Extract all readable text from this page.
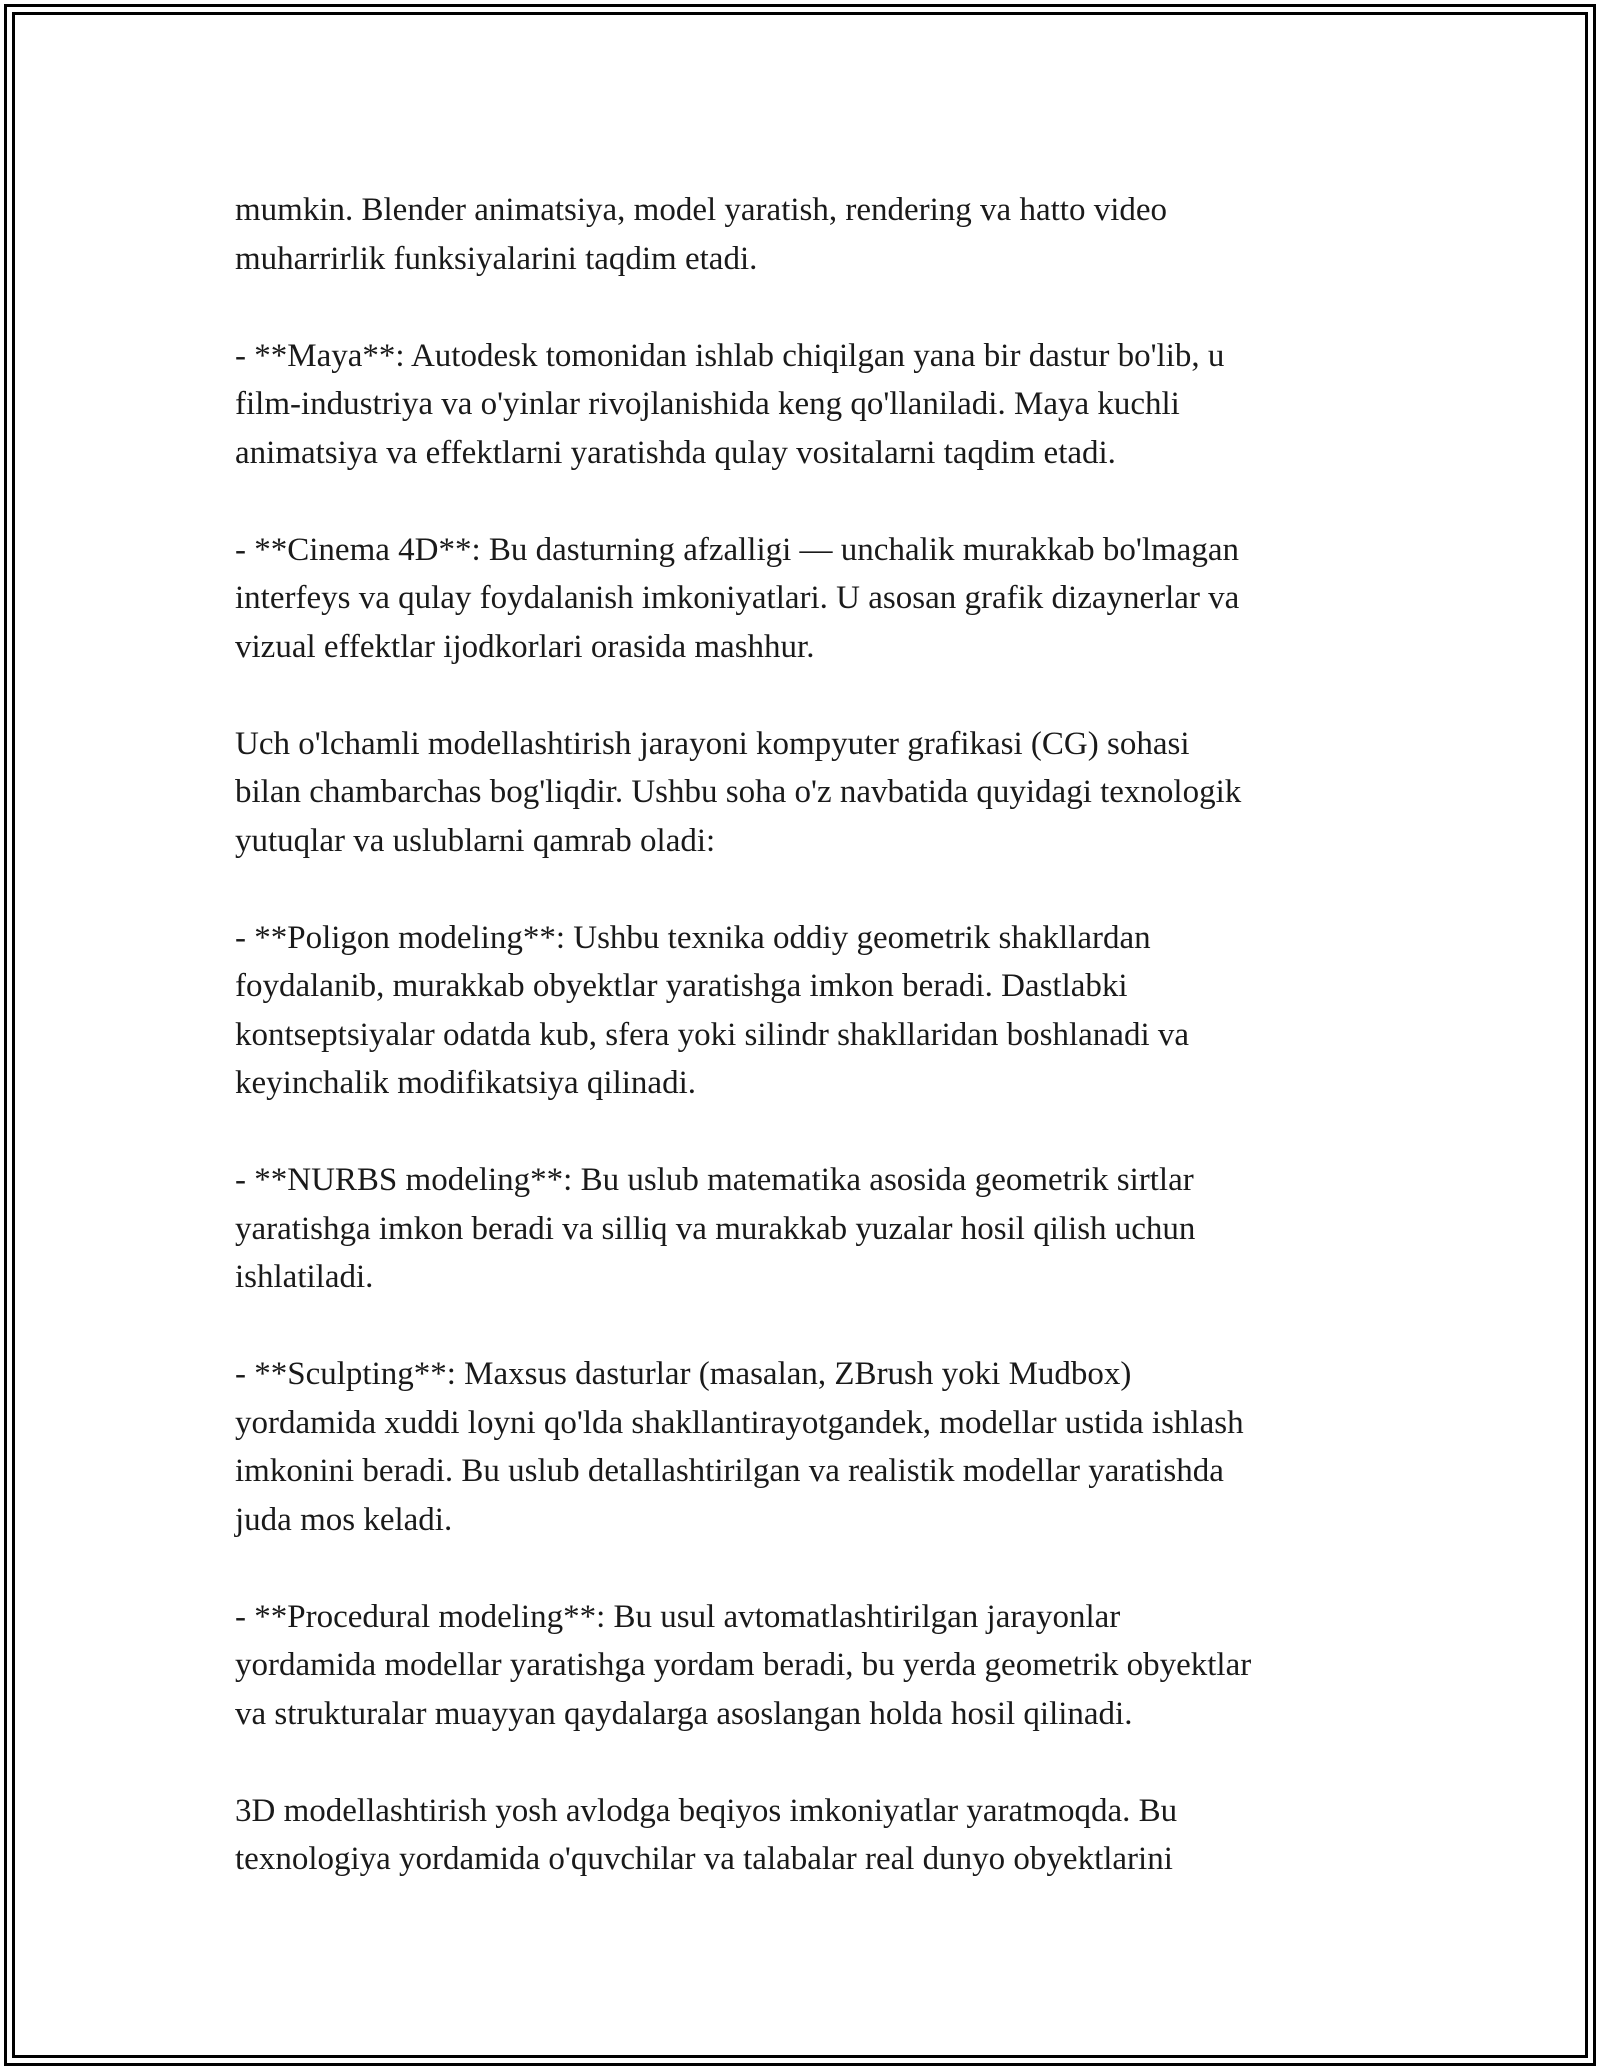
mumkin. Blender animatsiya, model yaratish, rendering va hatto video
muharrirlik funksiyalarini taqdim etadi.

- **Maya**: Autodesk tomonidan ishlab chiqilgan yana bir dastur bo'lib, u
film-industriya va o'yinlar rivojlanishida keng qo'llaniladi. Maya kuchli
animatsiya va effektlarni yaratishda qulay vositalarni taqdim etadi.

- **Cinema 4D**: Bu dasturning afzalligi — unchalik murakkab bo'lmagan
interfeys va qulay foydalanish imkoniyatlari. U asosan grafik dizaynerlar va
vizual effektlar ijodkorlari orasida mashhur.

Uch o'lchamli modellashtirish jarayoni kompyuter grafikasi (CG) sohasi
bilan chambarchas bog'liqdir. Ushbu soha o'z navbatida quyidagi texnologik
yutuqlar va uslublarni qamrab oladi:

- **Poligon modeling**: Ushbu texnika oddiy geometrik shakllardan
foydalanib, murakkab obyektlar yaratishga imkon beradi. Dastlabki
kontseptsiyalar odatda kub, sfera yoki silindr shakllaridan boshlanadi va
keyinchalik modifikatsiya qilinadi.

- **NURBS modeling**: Bu uslub matematika asosida geometrik sirtlar
yaratishga imkon beradi va silliq va murakkab yuzalar hosil qilish uchun
ishlatiladi.

- **Sculpting**: Maxsus dasturlar (masalan, ZBrush yoki Mudbox)
yordamida xuddi loyni qo'lda shakllantirayotgandek, modellar ustida ishlash
imkonini beradi. Bu uslub detallashtirilgan va realistik modellar yaratishda
juda mos keladi.

- **Procedural modeling**: Bu usul avtomatlashtirilgan jarayonlar
yordamida modellar yaratishga yordam beradi, bu yerda geometrik obyektlar
va strukturalar muayyan qaydalarga asoslangan holda hosil qilinadi.

3D modellashtirish yosh avlodga beqiyos imkoniyatlar yaratmoqda. Bu
texnologiya yordamida o'quvchilar va talabalar real dunyo obyektlarini
